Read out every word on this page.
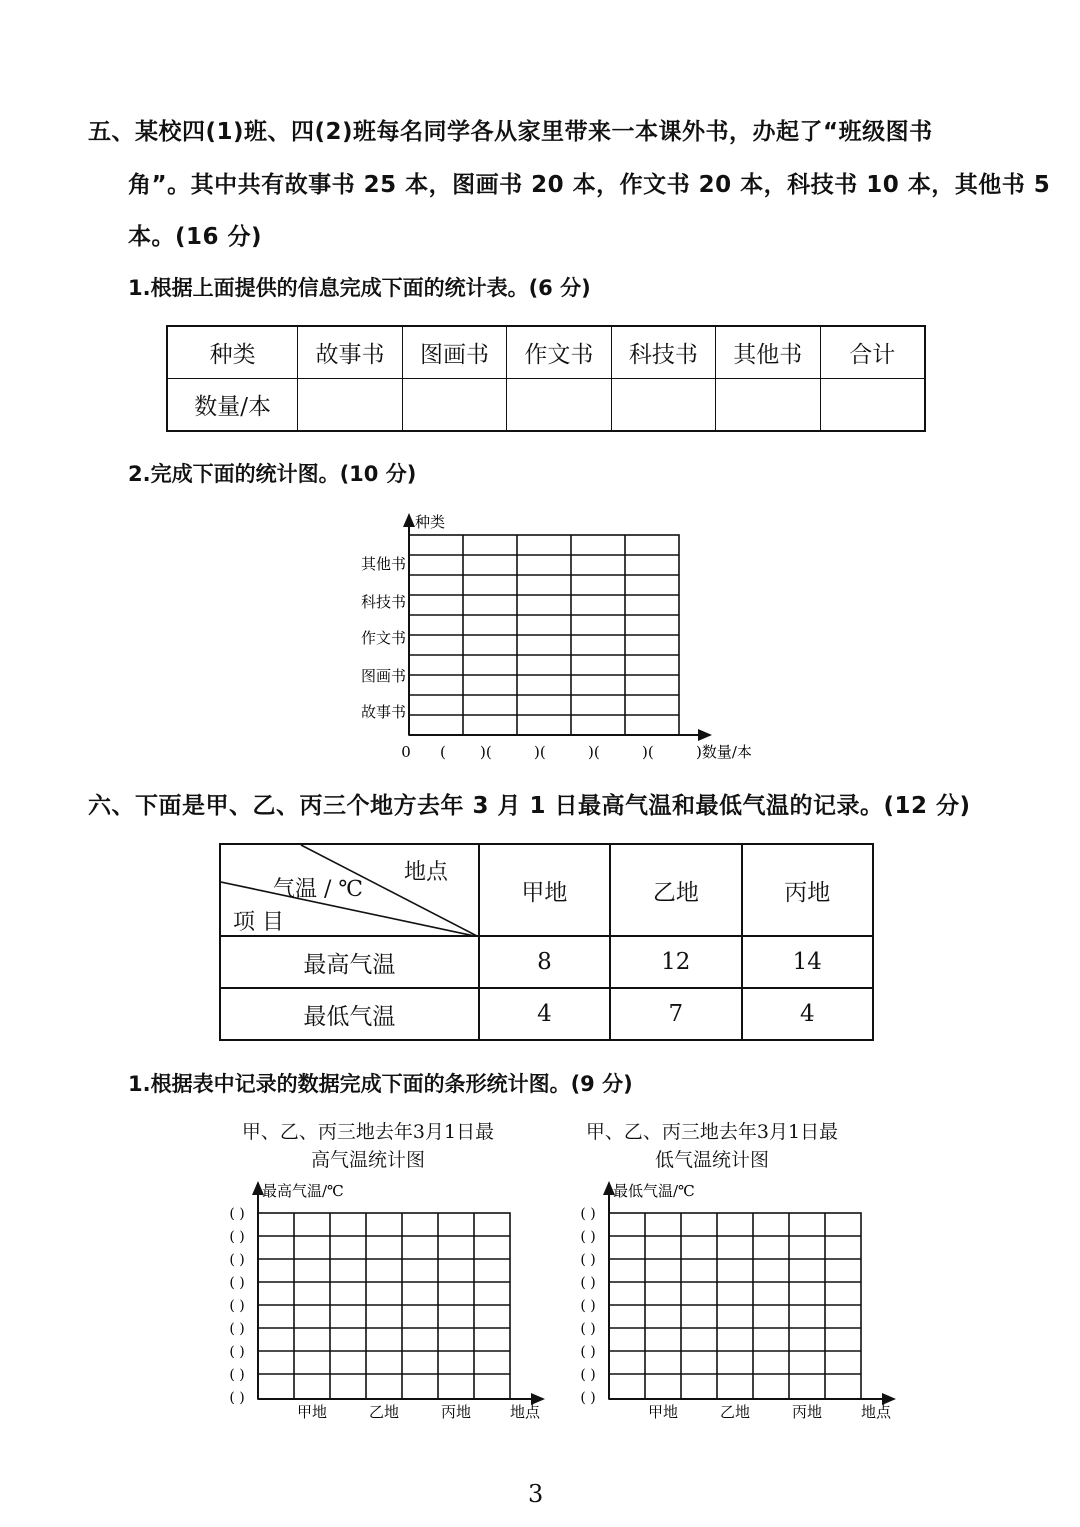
五、某校四(1)班、四(2)班每名同学各从家里带来一本课外书，办起了“班级图书
角”。其中共有故事书 25 本，图画书 20 本，作文书 20 本，科技书 10 本，其他书 5
本。(16 分)
1.根据上面提供的信息完成下面的统计表。(6 分)
种类	故事书	图画书	作文书	科技书	其他书	合计
数量/本						
2.完成下面的统计图。(10 分)
种类
其他书
科技书
作文书
图画书
故事书
0 ( )(	)(	)(	)(	)数量/本
六、下面是甲、乙、丙三个地方去年 3 月 1 日最高气温和最低气温的记录。(12 分)
地点
气温 / ℃
项 目	甲地	乙地	丙地
最高气温	8	12	14
最低气温	4	7	4
1.根据表中记录的数据完成下面的条形统计图。(9 分)
甲、乙、丙三地去年3月1日最
高气温统计图
甲、乙、丙三地去年3月1日最
低气温统计图
最高气温/℃
( )
( )
( )
( )
( )
( )
( )
( )
( )
甲地	乙地	丙地	地点
最低气温/℃
( )
( )
( )
( )
( )
( )
( )
( )
( )
甲地	乙地	丙地	地点
3
